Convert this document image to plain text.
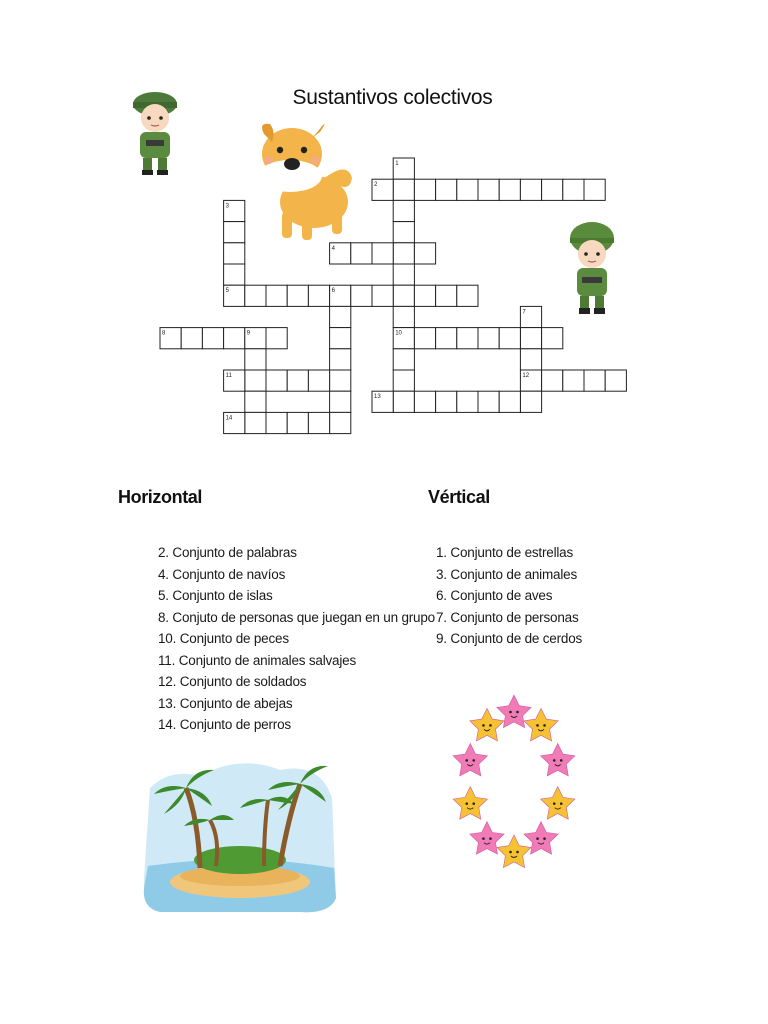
Sustantivos colectivos
1
2
3
4
5	6
7
8	9	10
11	12
13
14
Horizontal	Vértical
2. Conjunto de palabras
4. Conjunto de navíos
5. Conjunto de islas
8. Conjuto de personas que juegan en un grupo
10. Conjunto de peces
11. Conjunto de animales salvajes
12. Conjunto de soldados
13. Conjunto de abejas
14. Conjunto de perros
1. Conjunto de estrellas
3. Conjunto de animales
6. Conjunto de aves
7. Conjunto de personas
9. Conjunto de de cerdos
